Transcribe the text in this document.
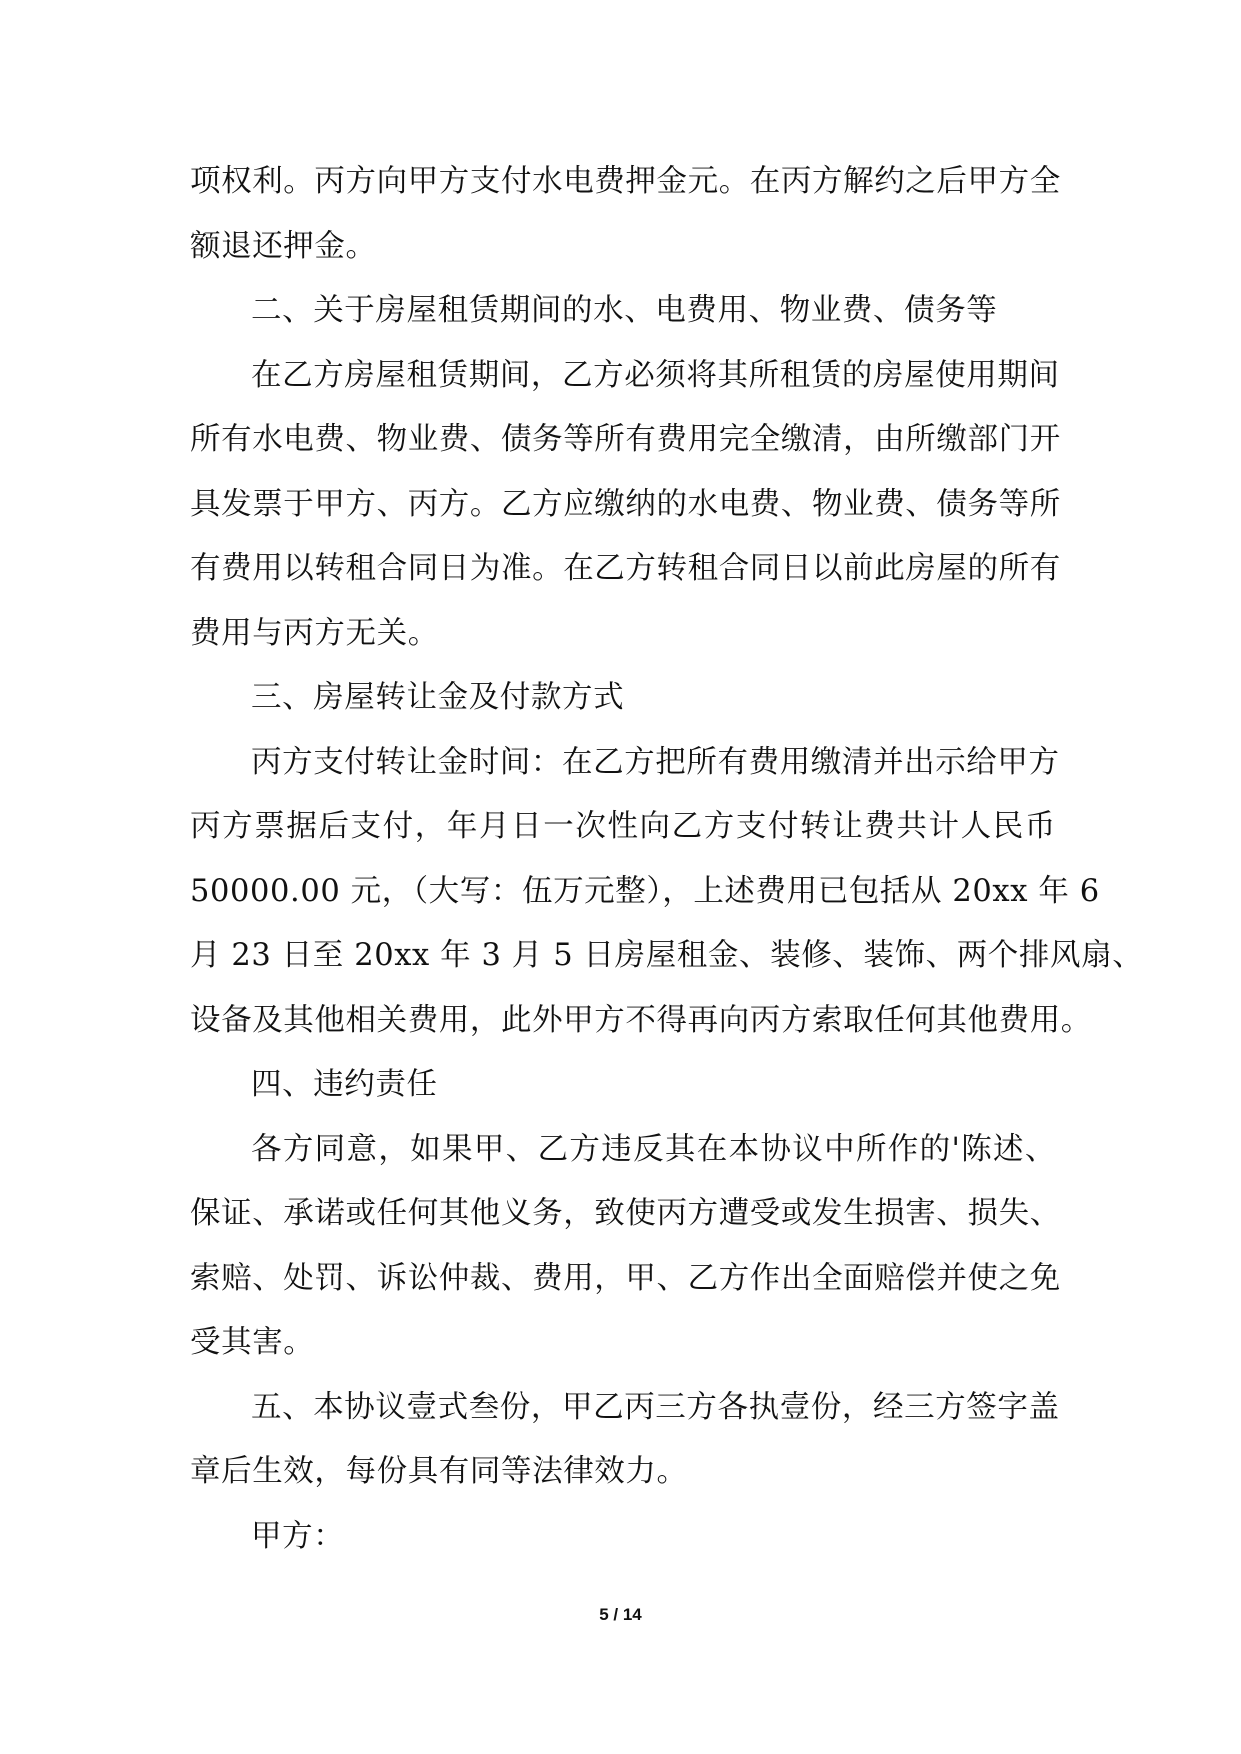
项权利。丙方向甲方支付水电费押金元。在丙方解约之后甲方全
额退还押金。
二、关于房屋租赁期间的水、电费用、物业费、债务等
在乙方房屋租赁期间，乙方必须将其所租赁的房屋使用期间
所有水电费、物业费、债务等所有费用完全缴清，由所缴部门开
具发票于甲方、丙方。乙方应缴纳的水电费、物业费、债务等所
有费用以转租合同日为准。在乙方转租合同日以前此房屋的所有
费用与丙方无关。
三、房屋转让金及付款方式
丙方支付转让金时间：在乙方把所有费用缴清并出示给甲方
丙方票据后支付，年月日一次性向乙方支付转让费共计人民币
50000.00 元，（大写：伍万元整），上述费用已包括从 20xx 年 6
月 23 日至 20xx 年 3 月 5 日房屋租金、装修、装饰、两个排风扇、
设备及其他相关费用，此外甲方不得再向丙方索取任何其他费用。
四、违约责任
各方同意，如果甲、乙方违反其在本协议中所作的'陈述、
保证、承诺或任何其他义务，致使丙方遭受或发生损害、损失、
索赔、处罚、诉讼仲裁、费用，甲、乙方作出全面赔偿并使之免
受其害。
五、本协议壹式叁份，甲乙丙三方各执壹份，经三方签字盖
章后生效，每份具有同等法律效力。
甲方：
5 / 14
